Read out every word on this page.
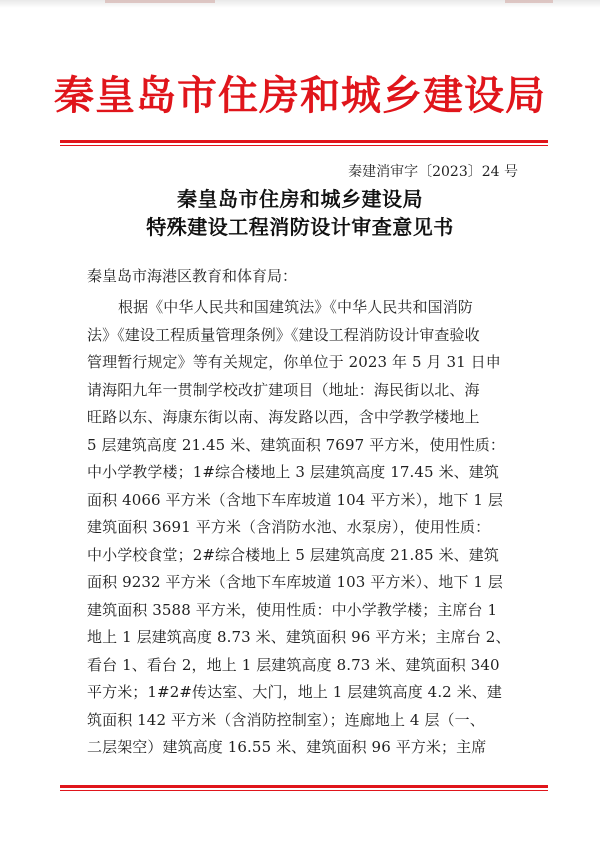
秦皇岛市住房和城乡建设局
秦建消审字〔2023〕24 号
秦皇岛市住房和城乡建设局
特殊建设工程消防设计审查意见书
秦皇岛市海港区教育和体育局：
根据《中华人民共和国建筑法》《中华人民共和国消防
法》《建设工程质量管理条例》《建设工程消防设计审查验收
管理暂行规定》等有关规定，你单位于 2023 年 5 月 31 日申
请海阳九年一贯制学校改扩建项目（地址：海民街以北、海
旺路以东、海康东街以南、海发路以西，含中学教学楼地上
5 层建筑高度 21.45 米、建筑面积 7697 平方米，使用性质：
中小学教学楼；1#综合楼地上 3 层建筑高度 17.45 米、建筑
面积 4066 平方米（含地下车库坡道 104 平方米），地下 1 层
建筑面积 3691 平方米（含消防水池、水泵房），使用性质：
中小学校食堂；2#综合楼地上 5 层建筑高度 21.85 米、建筑
面积 9232 平方米（含地下车库坡道 103 平方米）、地下 1 层
建筑面积 3588 平方米，使用性质：中小学教学楼；主席台 1
地上 1 层建筑高度 8.73 米、建筑面积 96 平方米；主席台 2、
看台 1、看台 2，地上 1 层建筑高度 8.73 米、建筑面积 340
平方米；1#2#传达室、大门，地上 1 层建筑高度 4.2 米、建
筑面积 142 平方米（含消防控制室）；连廊地上 4 层（一、
二层架空）建筑高度 16.55 米、建筑面积 96 平方米；主席
